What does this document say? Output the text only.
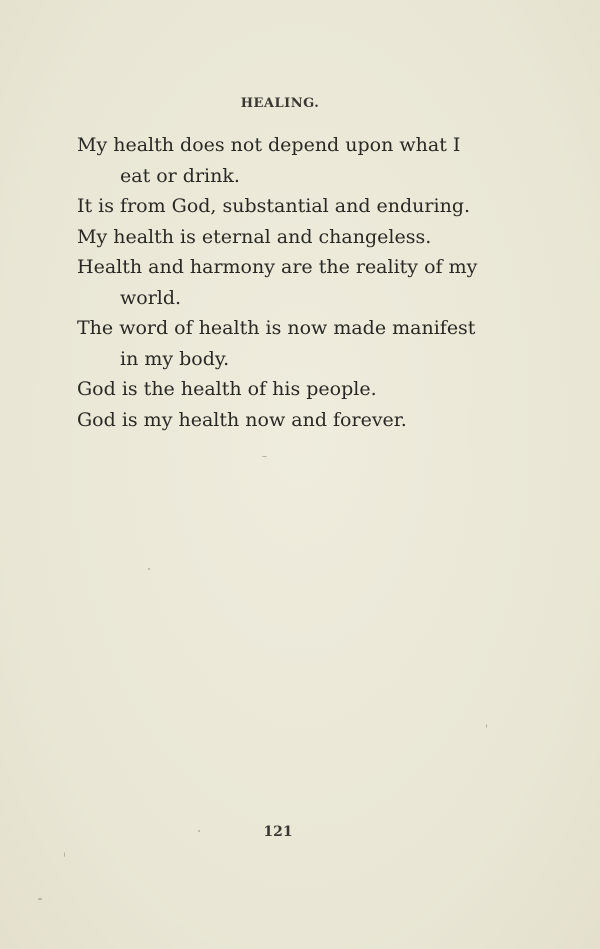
HEALING.
My health does not depend upon what I
eat or drink.
It is from God, substantial and enduring.
My health is eternal and changeless.
Health and harmony are the reality of my
world.
The word of health is now made manifest
in my body.
God is the health of his people.
God is my health now and forever.
121
